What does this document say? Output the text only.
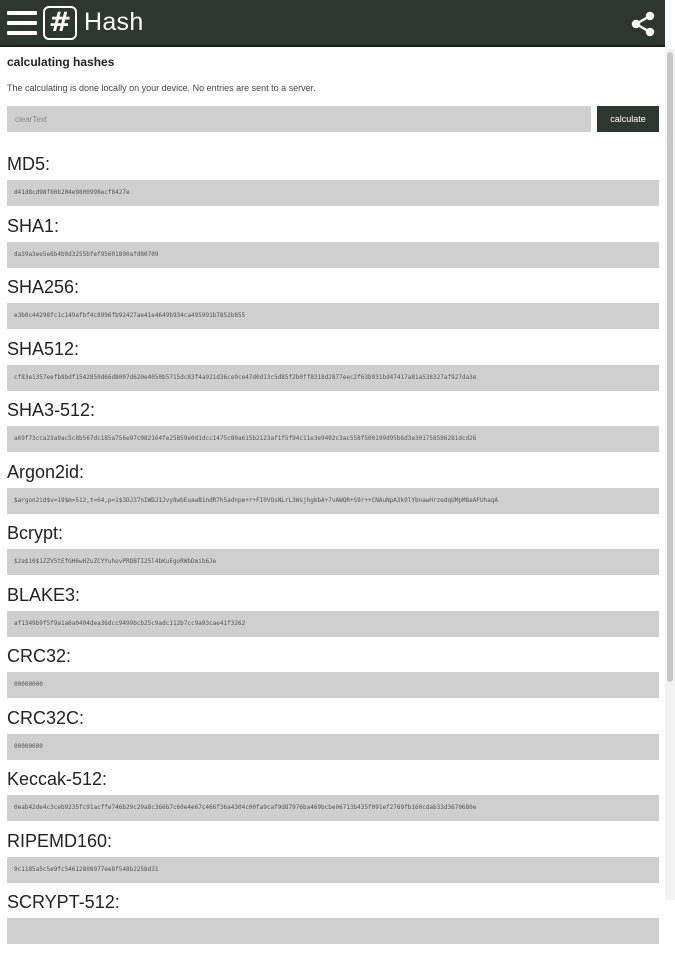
# Hash
calculating hashes
The calculating is done locally on your device. No entries are sent to a server.
clearText
calculate
MD5:
d41d8cd98f00b204e9800998ecf8427e
SHA1:
da39a3ee5e6b4b0d3255bfef95601890afd80709
SHA256:
e3b0c44298fc1c149afbf4c8996fb92427ae41e4649b934ca495991b7852b855
SHA512:
cf83e1357eefb8bdf1542850d66d8007d620e4050b5715dc83f4a921d36ce9ce47d0d13c5d85f2b0ff8318d2877eec2f63b931bd47417a81a538327af927da3e
SHA3-512:
a69f73cca23a9ac5c8b567dc185a756e97c982164fe25859e0d1dcc1475c80a615b2123af1f5f94c11e3e9402c3ac558f500199d95b6d3e301758586281dcd26
Argon2id:
$argon2id$v=19$m=512,t=64,p=1$3DJ37nIWDJ1Jvy8wbEuawB1ndR7h5adnpe+r+FI0VOsNLrL3WsjhgkbA+7vAWQR+S9r++CNAuNpA3k9lYbnawHrzedqUMpM8eAFUhaqA
Bcrypt:
$2a$10$1ZZV5tEfGH6wHZuZCYYuhovPRDBTI25l4bKuEgoRWbDmib6Je
BLAKE3:
af1349b9f5f9a1a6a0404dea36dcc9499bcb25c9adc112b7cc9a93cae41f3262
CRC32:
00000000
CRC32C:
00000000
Keccak-512:
0eab42de4c3ceb9235fc91acffe746b29c29a8c366b7c60e4e67c466f36a4304c00fa9caf9d87976ba469bcbe06713b435f091ef2769fb160cdab33d3670680e
RIPEMD160:
9c1185a5c5e9fc54612808977ee8f548b2258d31
SCRYPT-512:
